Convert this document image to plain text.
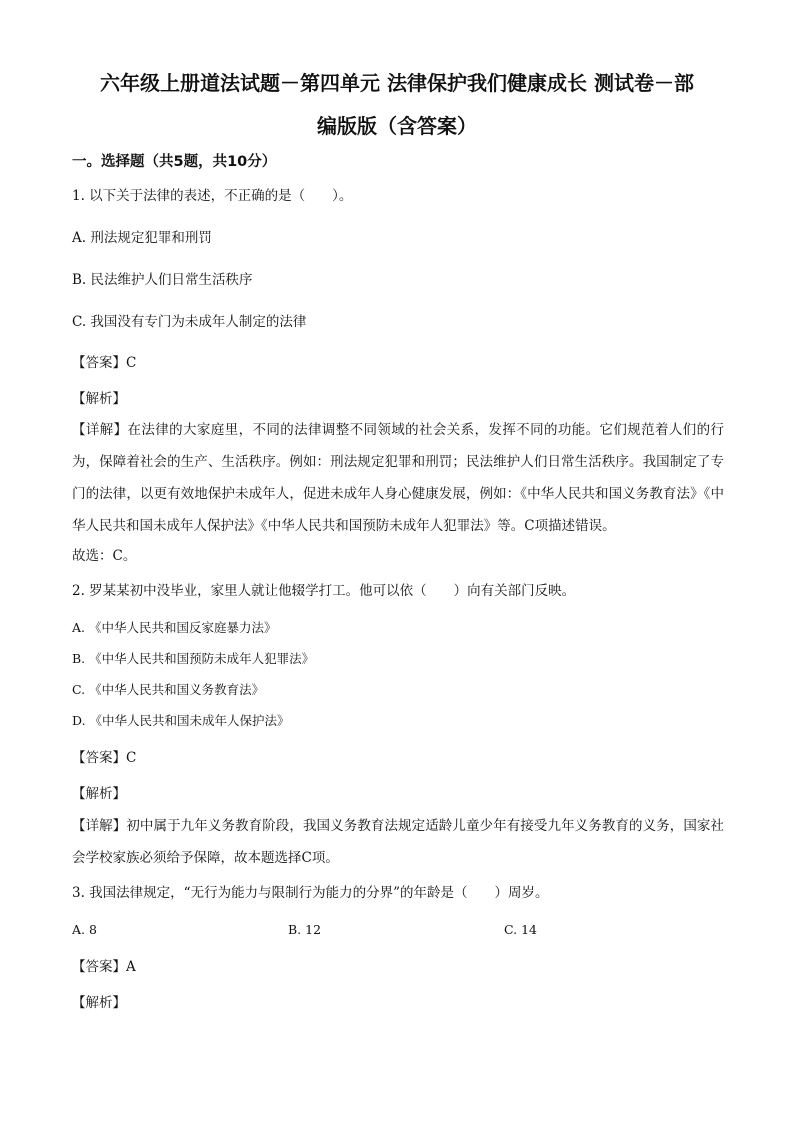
六年级上册道法试题－第四单元 法律保护我们健康成长 测试卷－部
编版版（含答案）
一。选择题（共5题，共10分）
1. 以下关于法律的表述，不正确的是（　　）。
A. 刑法规定犯罪和刑罚
B. 民法维护人们日常生活秩序
C. 我国没有专门为未成年人制定的法律
【答案】C
【解析】
【详解】在法律的大家庭里，不同的法律调整不同领域的社会关系，发挥不同的功能。它们规范着人们的行为，保障着社会的生产、生活秩序。例如：刑法规定犯罪和刑罚；民法维护人们日常生活秩序。我国制定了专门的法律，以更有效地保护未成年人，促进未成年人身心健康发展，例如：《中华人民共和国义务教育法》《中华人民共和国未成年人保护法》《中华人民共和国预防未成年人犯罪法》等。C项描述错误。
故选：C。
2. 罗某某初中没毕业，家里人就让他辍学打工。他可以依（　　）向有关部门反映。
A. 《中华人民共和国反家庭暴力法》
B. 《中华人民共和国预防未成年人犯罪法》
C. 《中华人民共和国义务教育法》
D. 《中华人民共和国未成年人保护法》
【答案】C
【解析】
【详解】初中属于九年义务教育阶段，我国义务教育法规定适龄儿童少年有接受九年义务教育的义务，国家社会学校家族必须给予保障，故本题选择C项。
3. 我国法律规定，“无行为能力与限制行为能力的分界”的年龄是（　　）周岁。
A. 8	B. 12	C. 14
【答案】A
【解析】
